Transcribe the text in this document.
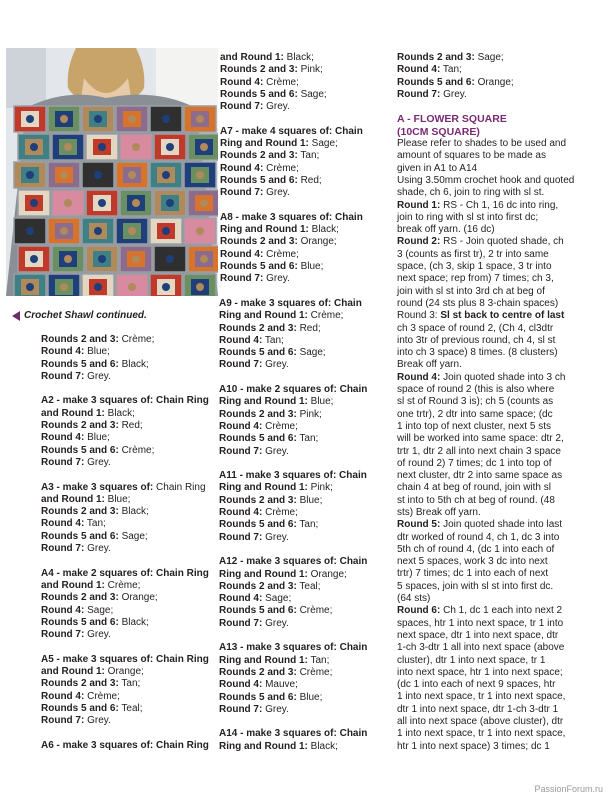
Crochet Shawl continued.

Rounds 2 and 3: Crème;

Round 4: Blue;

Rounds 5 and 6: Black;

Round 7: Grey.

A2 - make 3 squares of: Chain Ring

and Round 1: Black;

Rounds 2 and 3: Red;

Round 4: Blue;

Rounds 5 and 6: Crème;

Round 7: Grey.

A3 - make 3 squares of: Chain Ring

and Round 1: Blue;

Rounds 2 and 3: Black;

Round 4: Tan;

Rounds 5 and 6: Sage;

Round 7: Grey.

A4 - make 2 squares of: Chain Ring

and Round 1: Crème;

Rounds 2 and 3: Orange;

Round 4: Sage;

Rounds 5 and 6: Black;

Round 7: Grey.

A5 - make 3 squares of: Chain Ring

and Round 1: Orange;

Rounds 2 and 3: Tan;

Round 4: Crème;

Rounds 5 and 6: Teal;

Round 7: Grey.

A6 - make 3 squares of: Chain Ring

and Round 1: Black;

Rounds 2 and 3: Pink;

Round 4: Crème;

Rounds 5 and 6: Sage;

Round 7: Grey.

A7 - make 4 squares of: Chain

Ring and Round 1: Sage;

Rounds 2 and 3: Tan;

Round 4: Crème;

Rounds 5 and 6: Red;

Round 7: Grey.

A8 - make 3 squares of: Chain

Ring and Round 1: Black;

Rounds 2 and 3: Orange;

Round 4: Crème;

Rounds 5 and 6: Blue;

Round 7: Grey.

A9 - make 3 squares of: Chain

Ring and Round 1: Crème;

Rounds 2 and 3: Red;

Round 4: Tan;

Rounds 5 and 6: Sage;

Round 7: Grey.

A10 - make 2 squares of: Chain

Ring and Round 1: Blue;

Rounds 2 and 3: Pink;

Round 4: Crème;

Rounds 5 and 6: Tan;

Round 7: Grey.

A11 - make 3 squares of: Chain

Ring and Round 1: Pink;

Rounds 2 and 3: Blue;

Round 4: Crème;

Rounds 5 and 6: Tan;

Round 7: Grey.

A12 - make 3 squares of: Chain

Ring and Round 1: Orange;

Rounds 2 and 3: Teal;

Round 4: Sage;

Rounds 5 and 6: Crème;

Round 7: Grey.

A13 - make 3 squares of: Chain

Ring and Round 1: Tan;

Rounds 2 and 3: Crème;

Round 4: Mauve;

Rounds 5 and 6: Blue;

Round 7: Grey.

A14 - make 3 squares of: Chain

Ring and Round 1: Black;

Rounds 2 and 3: Sage;

Round 4: Tan;

Rounds 5 and 6: Orange;

Round 7: Grey.

A - FLOWER SQUARE

(10CM SQUARE)

Please refer to shades to be used and

amount of squares to be made as

given in A1 to A14

Using 3.50mm crochet hook and quoted

shade, ch 6, join to ring with sl st.

Round 1: RS - Ch 1, 16 dc into ring,

join to ring with sl st into first dc;

break off yarn. (16 dc)

Round 2: RS - Join quoted shade, ch

3 (counts as first tr), 2 tr into same

space, (ch 3, skip 1 space, 3 tr into

next space; rep from) 7 times; ch 3,

join with sl st into 3rd ch at beg of

round (24 sts plus 8 3-chain spaces)

Round 3: Sl st back to centre of last

ch 3 space of round 2, (Ch 4, cl3dtr

into 3tr of previous round, ch 4, sl st

into ch 3 space) 8 times. (8 clusters)

Break off yarn.

Round 4: Join quoted shade into 3 ch

space of round 2 (this is also where

sl st of Round 3 is); ch 5 (counts as

one trtr), 2 dtr into same space; (dc

1 into top of next cluster, next 5 sts

will be worked into same space: dtr 2,

trtr 1, dtr 2 all into next chain 3 space

of round 2) 7 times; dc 1 into top of

next cluster, dtr 2 into same space as

chain 4 at beg of round, join with sl

st into to 5th ch at beg of round. (48

sts) Break off yarn.

Round 5: Join quoted shade into last

dtr worked of round 4, ch 1, dc 3 into

5th ch of round 4, (dc 1 into each of

next 5 spaces, work 3 dc into next

trtr) 7 times; dc 1 into each of next

5 spaces, join with sl st into first dc.

(64 sts)

Round 6: Ch 1, dc 1 each into next 2

spaces, htr 1 into next space, tr 1 into

next space, dtr 1 into next space, dtr

1-ch 3-dtr 1 all into next space (above

cluster), dtr 1 into next space, tr 1

into next space, htr 1 into next space;

(dc 1 into each of next 9 spaces, htr

1 into next space, tr 1 into next space,

dtr 1 into next space, dtr 1-ch 3-dtr 1

all into next space (above cluster), dtr

1 into next space, tr 1 into next space,

htr 1 into next space) 3 times; dc 1

PassionForum.ru
